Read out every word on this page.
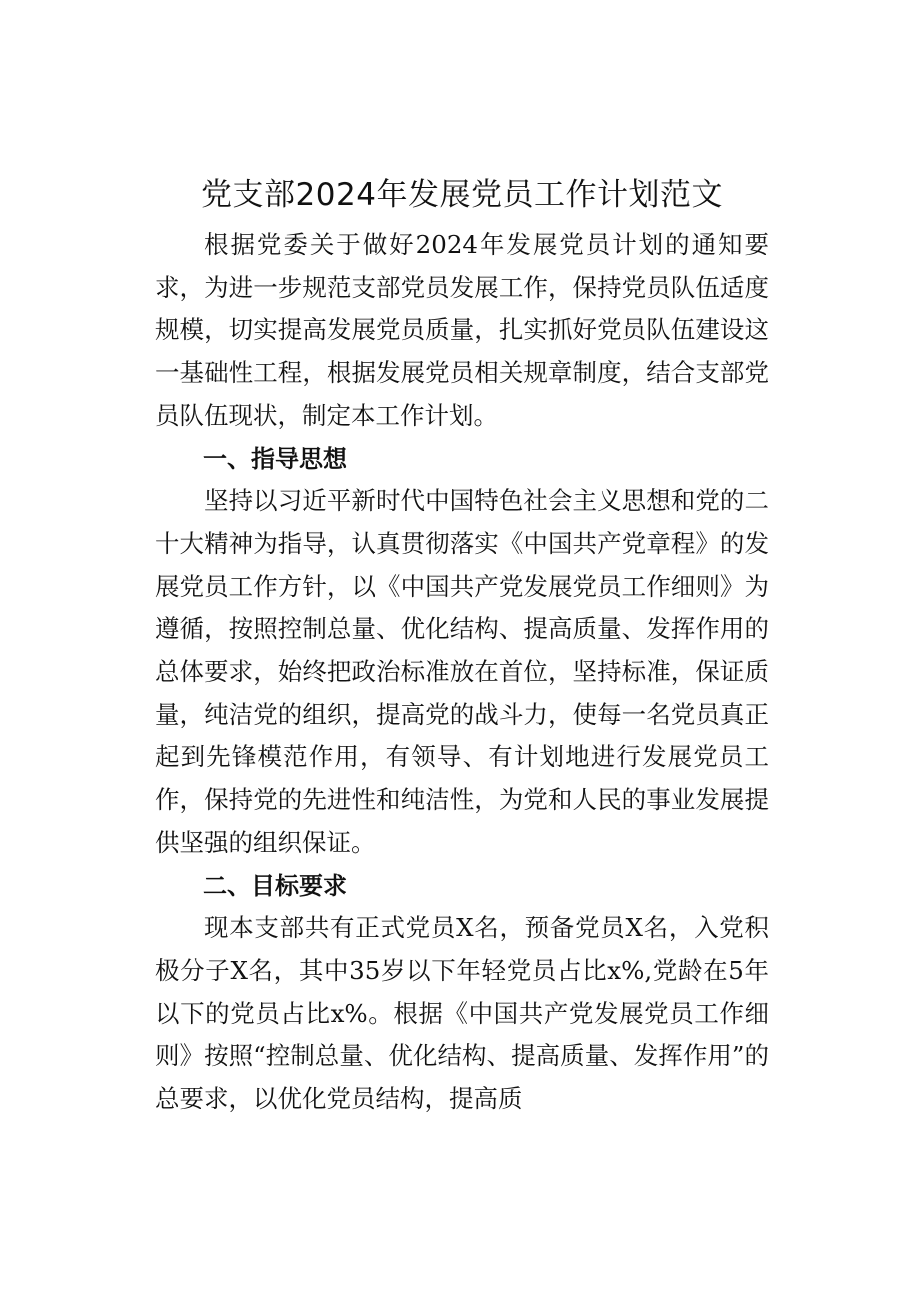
党支部2024年发展党员工作计划范文

根据党委关于做好2024年发展党员计划的通知要求，为进一步规范支部党员发展工作，保持党员队伍适度规模，切实提高发展党员质量，扎实抓好党员队伍建设这一基础性工程，根据发展党员相关规章制度，结合支部党员队伍现状，制定本工作计划。

一、指导思想

坚持以习近平新时代中国特色社会主义思想和党的二十大精神为指导，认真贯彻落实《中国共产党章程》的发展党员工作方针，以《中国共产党发展党员工作细则》为遵循，按照控制总量、优化结构、提高质量、发挥作用的总体要求，始终把政治标准放在首位，坚持标准，保证质量，纯洁党的组织，提高党的战斗力，使每一名党员真正起到先锋模范作用，有领导、有计划地进行发展党员工作，保持党的先进性和纯洁性，为党和人民的事业发展提供坚强的组织保证。

二、目标要求

现本支部共有正式党员X名，预备党员X名，入党积极分子X名，其中35岁以下年轻党员占比x%,党龄在5年以下的党员占比x%。根据《中国共产党发展党员工作细则》按照“控制总量、优化结构、提高质量、发挥作用”的总要求，以优化党员结构，提高质
